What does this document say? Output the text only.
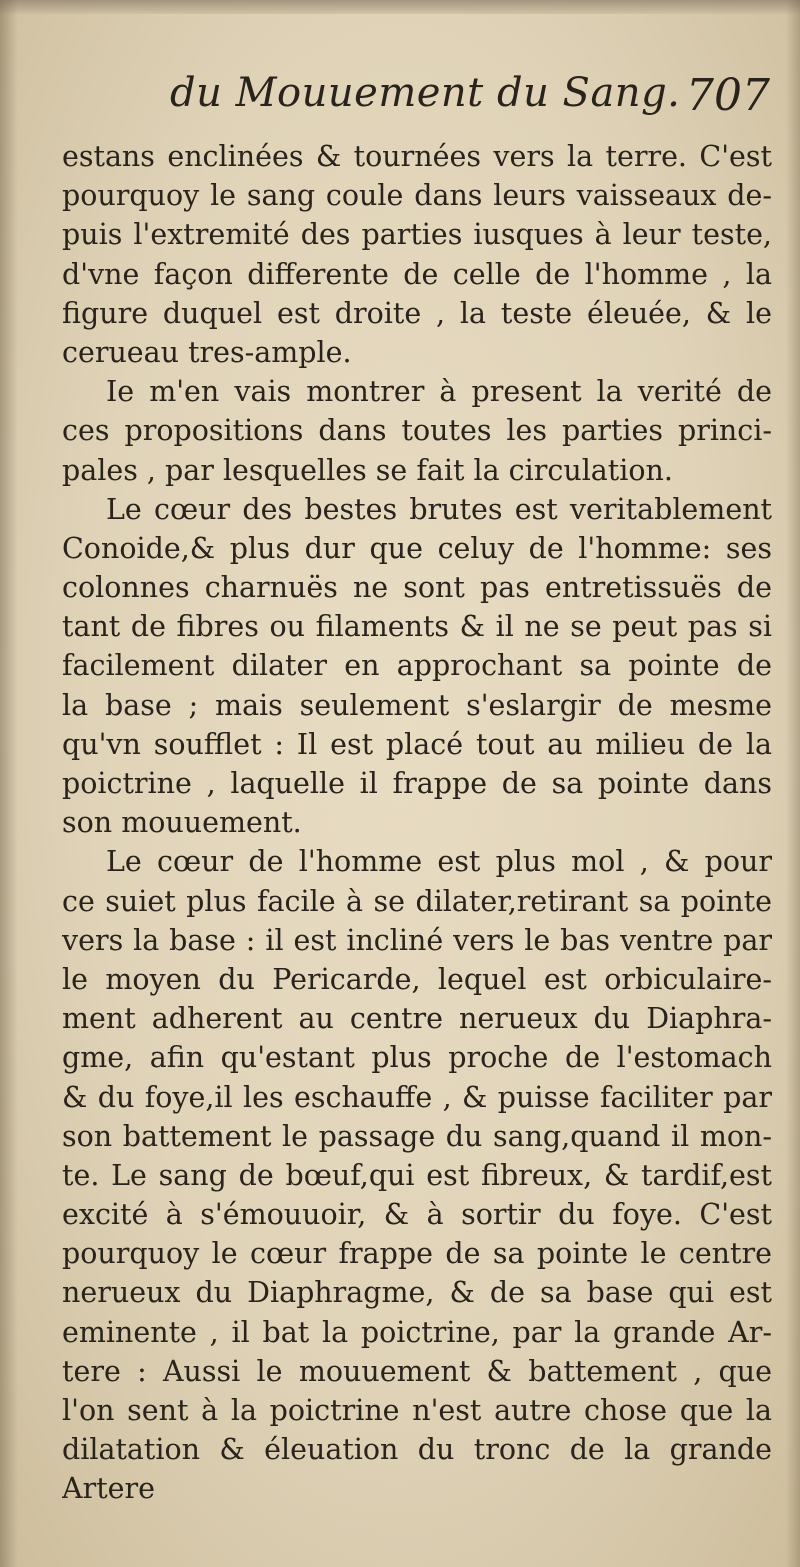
du Mouuement du Sang. 707
estans enclinées & tournées vers la terre. C'est
pourquoy le sang coule dans leurs vaisseaux de-
puis l'extremité des parties iusques à leur teste,
d'vne façon differente de celle de l'homme , la
figure duquel est droite , la teste éleuée, & le
cerueau tres-ample.
Ie m'en vais montrer à present la verité de
ces propositions dans toutes les parties princi-
pales , par lesquelles se fait la circulation.
Le cœur des bestes brutes est veritablement
Conoide,& plus dur que celuy de l'homme: ses
colonnes charnuës ne sont pas entretissuës de
tant de fibres ou filaments & il ne se peut pas si
facilement dilater en approchant sa pointe de
la base ; mais seulement s'eslargir de mesme
qu'vn soufflet : Il est placé tout au milieu de la
poictrine , laquelle il frappe de sa pointe dans
son mouuement.
Le cœur de l'homme est plus mol , & pour
ce suiet plus facile à se dilater,retirant sa pointe
vers la base : il est incliné vers le bas ventre par
le moyen du Pericarde, lequel est orbiculaire-
ment adherent au centre nerueux du Diaphra-
gme, afin qu'estant plus proche de l'estomach
& du foye,il les eschauffe , & puisse faciliter par
son battement le passage du sang,quand il mon-
te. Le sang de bœuf,qui est fibreux, & tardif,est
excité à s'émouuoir, & à sortir du foye. C'est
pourquoy le cœur frappe de sa pointe le centre
nerueux du Diaphragme, & de sa base qui est
eminente , il bat la poictrine, par la grande Ar-
tere : Aussi le mouuement & battement , que
l'on sent à la poictrine n'est autre chose que la
dilatation & éleuation du tronc de la grande
Artere
